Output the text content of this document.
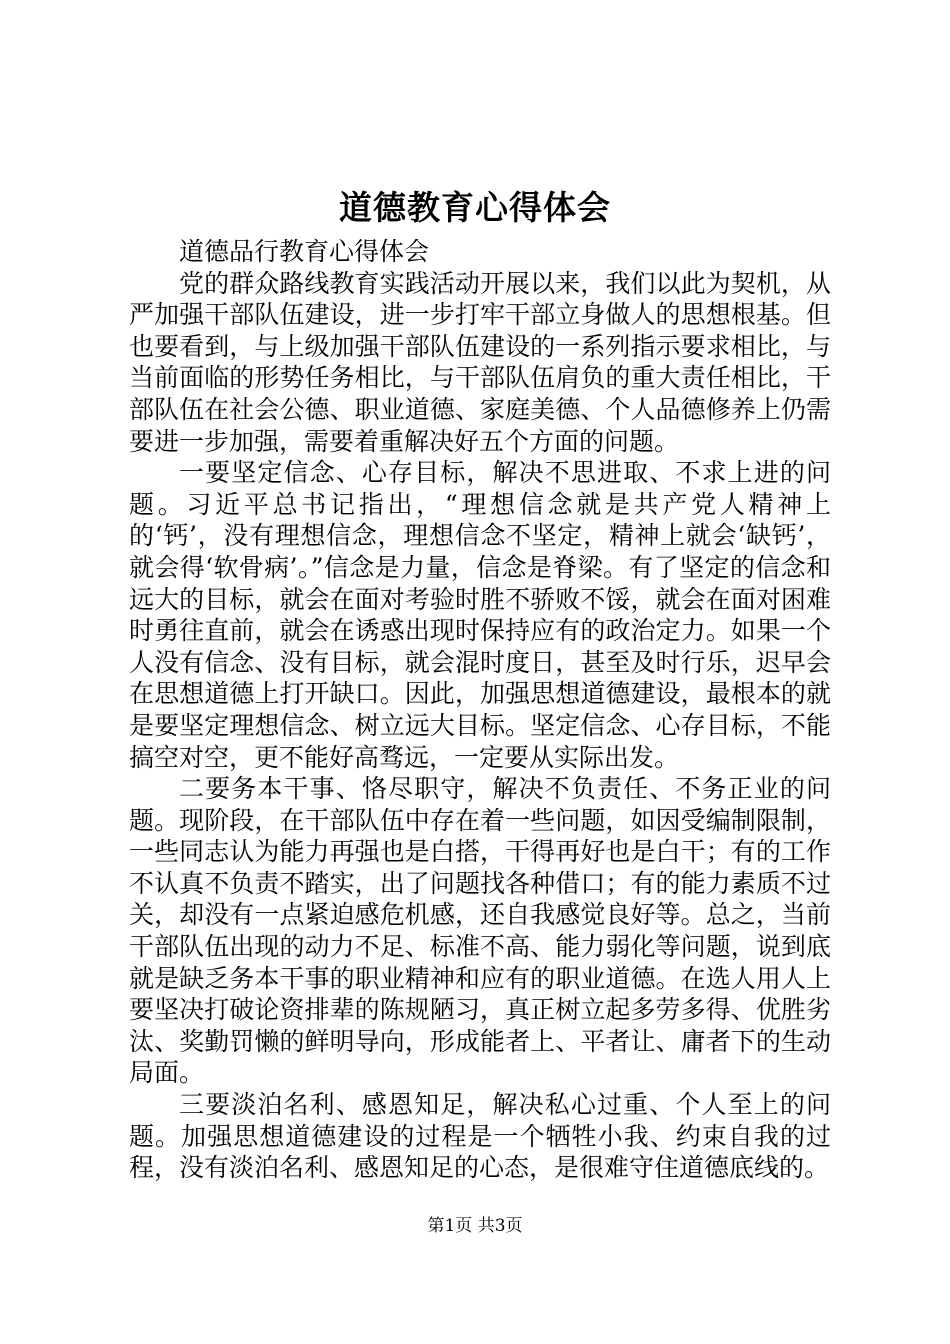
道德教育心得体会

道德品行教育心得体会

党的群众路线教育实践活动开展以来，我们以此为契机，从严加强干部队伍建设，进一步打牢干部立身做人的思想根基。但也要看到，与上级加强干部队伍建设的一系列指示要求相比，与当前面临的形势任务相比，与干部队伍肩负的重大责任相比，干部队伍在社会公德、职业道德、家庭美德、个人品德修养上仍需要进一步加强，需要着重解决好五个方面的问题。

一要坚定信念、心存目标，解决不思进取、不求上进的问题。习近平总书记指出，“理想信念就是共产党人精神上的‘钙’，没有理想信念，理想信念不坚定，精神上就会‘缺钙’，就会得‘软骨病’。”信念是力量，信念是脊梁。有了坚定的信念和远大的目标，就会在面对考验时胜不骄败不馁，就会在面对困难时勇往直前，就会在诱惑出现时保持应有的政治定力。如果一个人没有信念、没有目标，就会混时度日，甚至及时行乐，迟早会在思想道德上打开缺口。因此，加强思想道德建设，最根本的就是要坚定理想信念、树立远大目标。坚定信念、心存目标，不能搞空对空，更不能好高骛远，一定要从实际出发。

二要务本干事、恪尽职守，解决不负责任、不务正业的问题。现阶段，在干部队伍中存在着一些问题，如因受编制限制，一些同志认为能力再强也是白搭，干得再好也是白干；有的工作不认真不负责不踏实，出了问题找各种借口；有的能力素质不过关，却没有一点紧迫感危机感，还自我感觉良好等。总之，当前干部队伍出现的动力不足、标准不高、能力弱化等问题，说到底就是缺乏务本干事的职业精神和应有的职业道德。在选人用人上要坚决打破论资排辈的陈规陋习，真正树立起多劳多得、优胜劣汰、奖勤罚懒的鲜明导向，形成能者上、平者让、庸者下的生动局面。

三要淡泊名利、感恩知足，解决私心过重、个人至上的问题。加强思想道德建设的过程是一个牺牲小我、约束自我的过程，没有淡泊名利、感恩知足的心态，是很难守住道德底线的。

第1页 共3页
